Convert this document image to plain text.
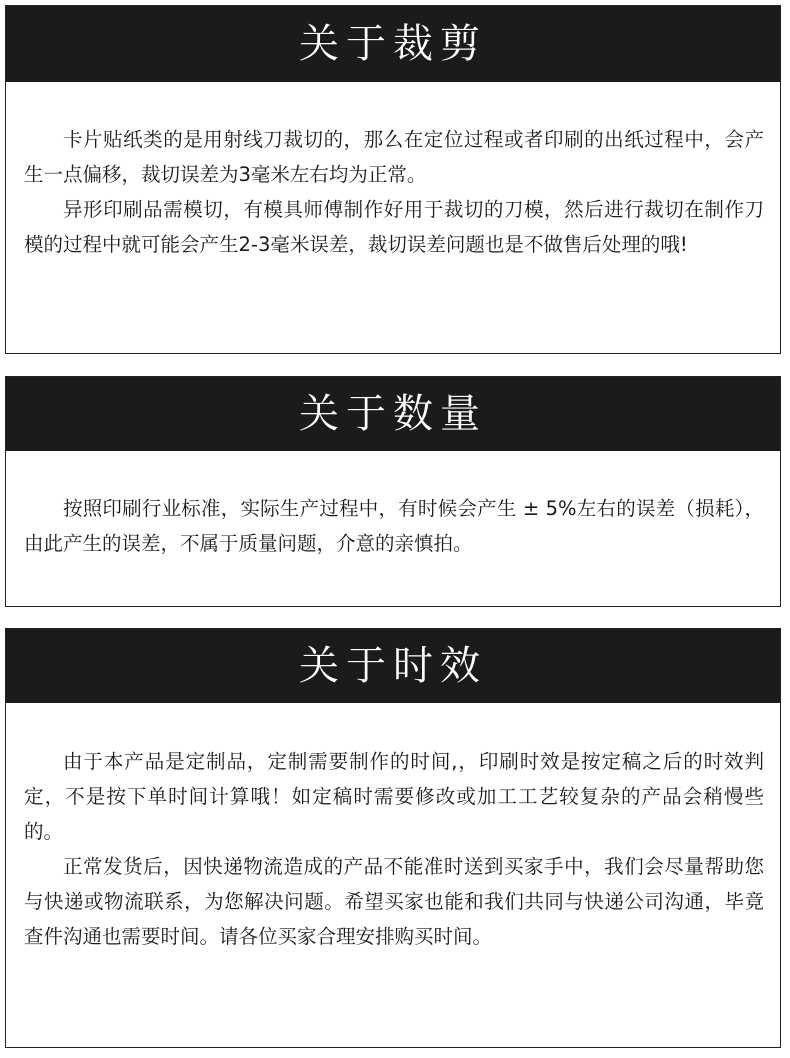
关于裁剪

卡片贴纸类的是用射线刀裁切的，那么在定位过程或者印刷的出纸过程中，会产生一点偏移，裁切误差为3毫米左右均为正常。

异形印刷品需模切，有模具师傅制作好用于裁切的刀模，然后进行裁切在制作刀模的过程中就可能会产生2-3毫米误差，裁切误差问题也是不做售后处理的哦!

关于数量

按照印刷行业标准，实际生产过程中，有时候会产生 ± 5%左右的误差（损耗），由此产生的误差，不属于质量问题，介意的亲慎拍。

关于时效

由于本产品是定制品，定制需要制作的时间,，印刷时效是按定稿之后的时效判定，不是按下单时间计算哦！如定稿时需要修改或加工工艺较复杂的产品会稍慢些的。

正常发货后，因快递物流造成的产品不能准时送到买家手中，我们会尽量帮助您与快递或物流联系，为您解决问题。希望买家也能和我们共同与快递公司沟通，毕竟查件沟通也需要时间。请各位买家合理安排购买时间。
